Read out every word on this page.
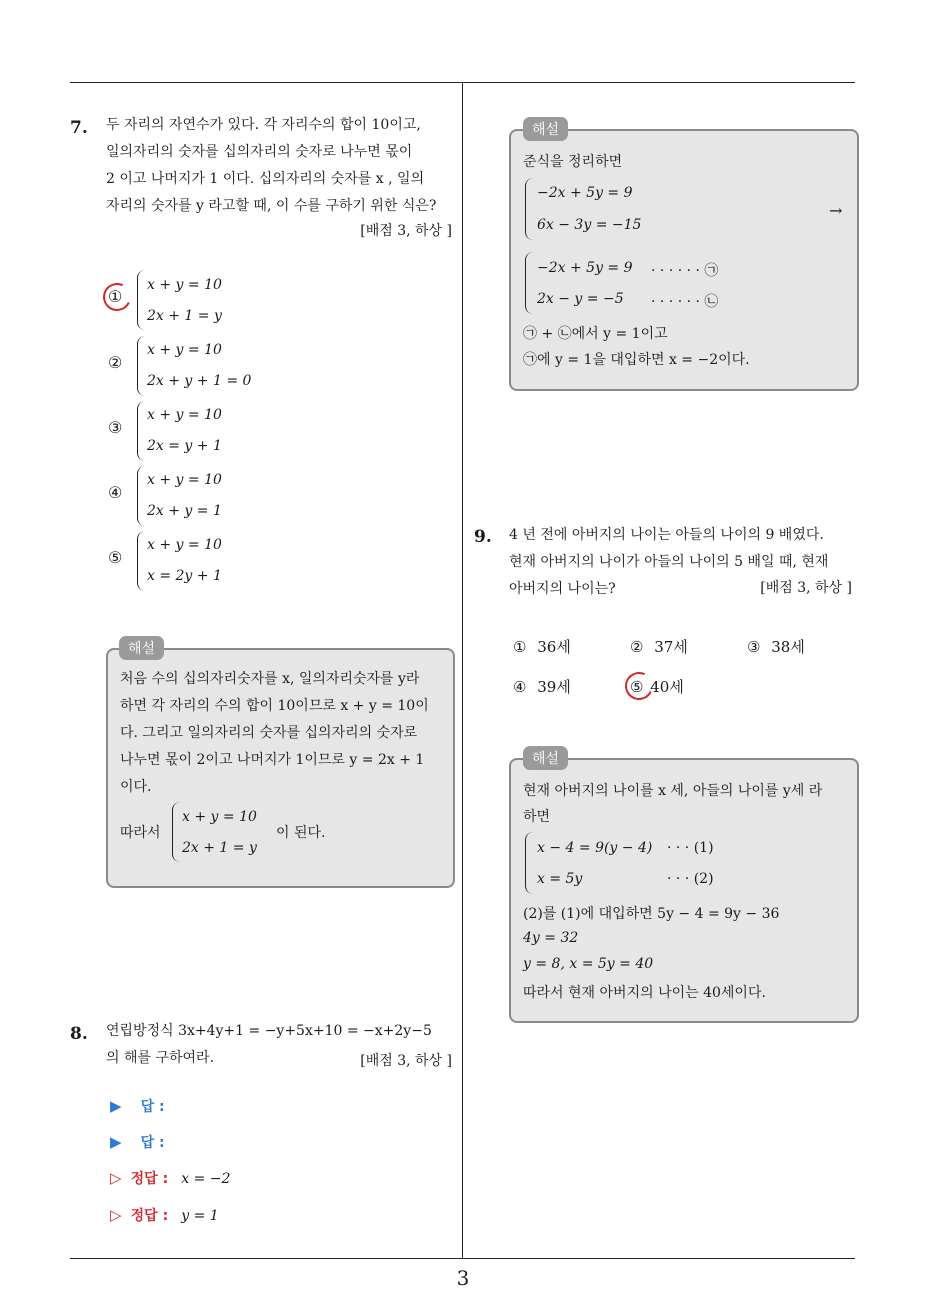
7. 두 자리의 자연수가 있다. 각 자리수의 합이 10이고,
일의자리의 숫자를 십의자리의 숫자로 나누면 몫이
2 이고 나머지가 1 이다. 십의자리의 숫자를 x , 일의
자리의 숫자를 y 라고할 때, 이 수를 구하기 위한 식은?
[배점 3, 하상 ]
①
x + y = 10
2x + 1 = y
②
x + y = 10
2x + y + 1 = 0
③
x + y = 10
2x = y + 1
④
x + y = 10
2x + y = 1
⑤
x + y = 10
x = 2y + 1
처음 수의 십의자리숫자를 x, 일의자리숫자를 y라
하면 각 자리의 수의 합이 10이므로 x + y = 10이
다. 그리고 일의자리의 숫자를 십의자리의 숫자로
나누면 몫이 2이고 나머지가 1이므로 y = 2x + 1
이다.
따라서
x + y = 10
2x + 1 = y
이 된다.
해설
8. 연립방정식 3x+4y+1 = −y+5x+10 = −x+2y−5
의 해를 구하여라.	[배점 3, 하상 ]
▶ 답 :
▶ 답 :
▷ 정답 : x = −2
▷ 정답 : y = 1
준식을 정리하면
−2x + 5y = 9
6x − 3y = −15
→
−2x + 5y = 9 · · · · · · ㉠
2x − y = −5 · · · · · · ㉡
㉠ + ㉡에서 y = 1이고
㉠에 y = 1을 대입하면 x = −2이다.
해설
9. 4 년 전에 아버지의 나이는 아들의 나이의 9 배였다.
현재 아버지의 나이가 아들의 나이의 5 배일 때, 현재
아버지의 나이는?	[배점 3, 하상 ]
① 36세	② 37세	③ 38세
④ 39세	⑤ 40세
현재 아버지의 나이를 x 세, 아들의 나이를 y세 라
하면
x − 4 = 9(y − 4) · · · (1)
x = 5y	· · · (2)
(2)를 (1)에 대입하면 5y − 4 = 9y − 36
4y = 32
y = 8, x = 5y = 40
따라서 현재 아버지의 나이는 40세이다.
해설
3
